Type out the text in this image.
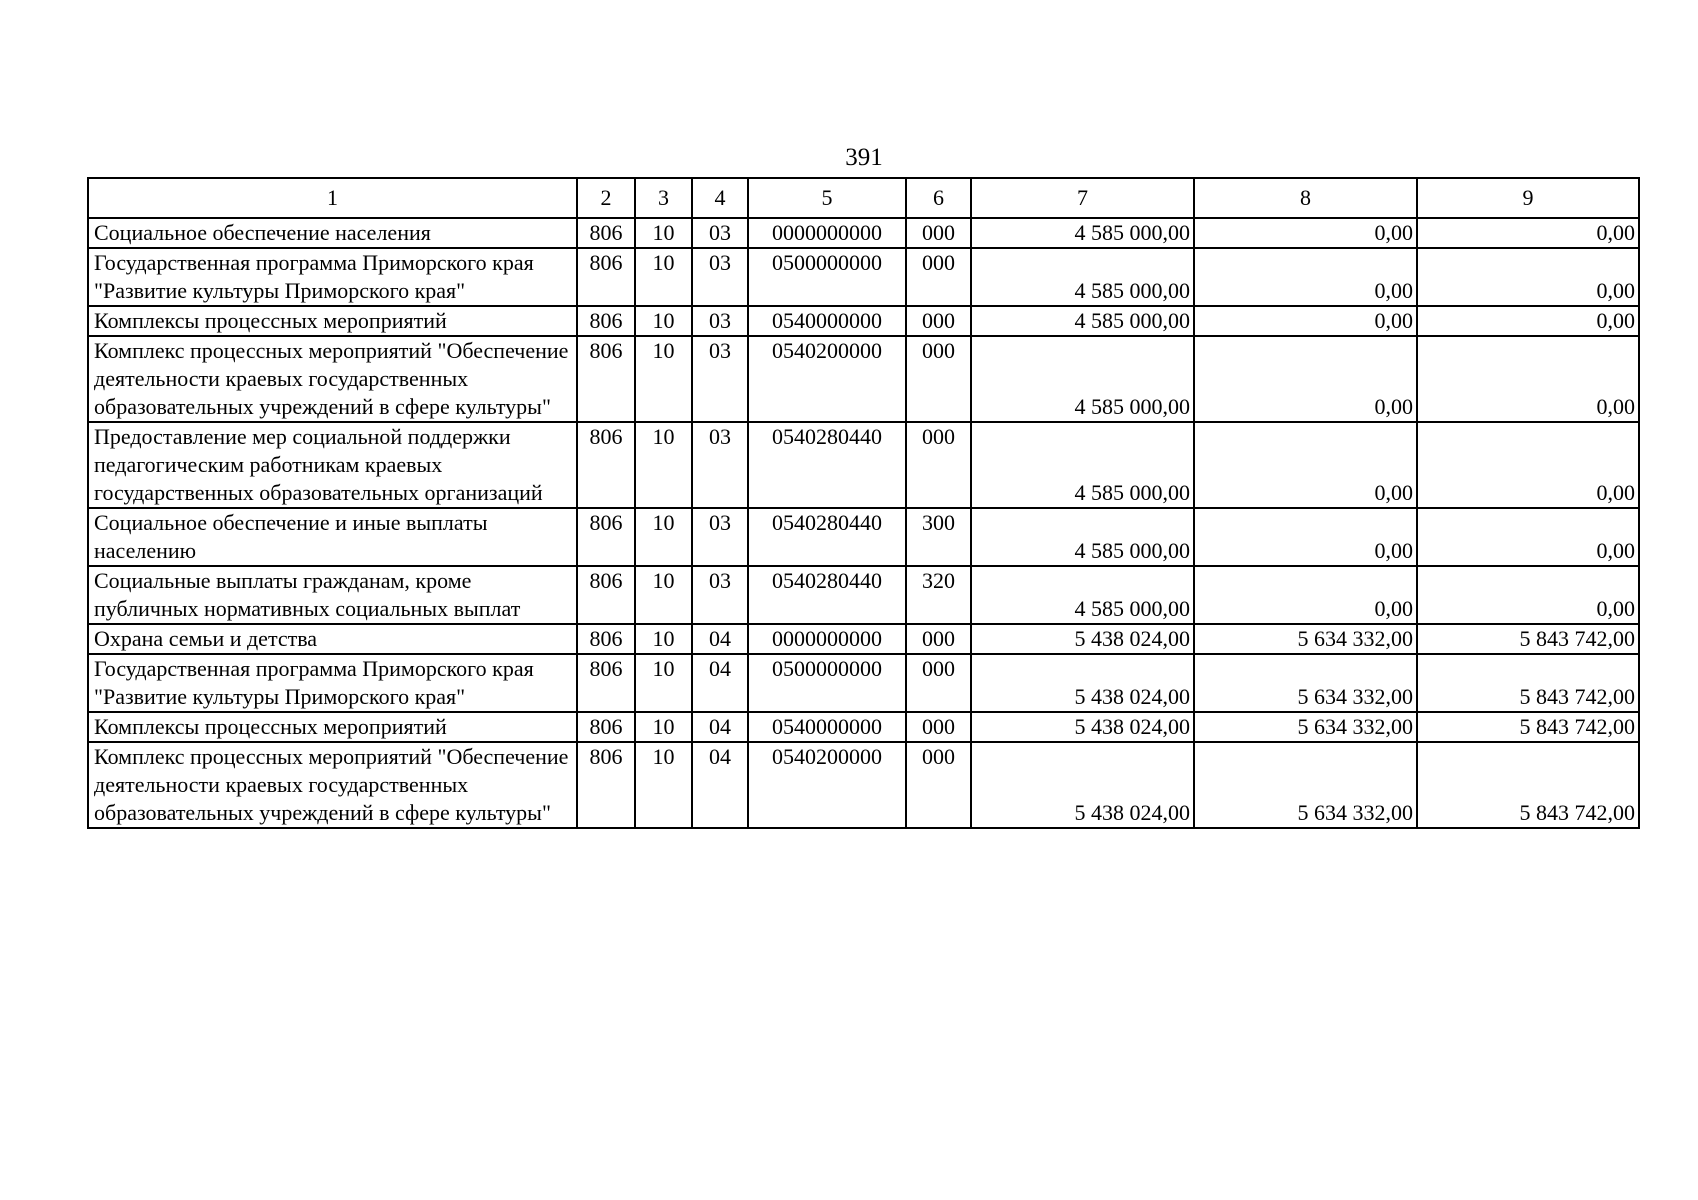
391
1	2	3	4	5	6	7	8	9
Социальное обеспечение населения	806	10	03	0000000000	000	4 585 000,00	0,00	0,00
Государственная программа Приморского края "Развитие культуры Приморского края"	806	10	03	0500000000	000	4 585 000,00	0,00	0,00
Комплексы процессных мероприятий	806	10	03	0540000000	000	4 585 000,00	0,00	0,00
Комплекс процессных мероприятий "Обеспечение деятельности краевых государственных образовательных учреждений в сфере культуры"	806	10	03	0540200000	000	4 585 000,00	0,00	0,00
Предоставление мер социальной поддержки педагогическим работникам краевых государственных образовательных организаций	806	10	03	0540280440	000	4 585 000,00	0,00	0,00
Социальное обеспечение и иные выплаты населению	806	10	03	0540280440	300	4 585 000,00	0,00	0,00
Социальные выплаты гражданам, кроме публичных нормативных социальных выплат	806	10	03	0540280440	320	4 585 000,00	0,00	0,00
Охрана семьи и детства	806	10	04	0000000000	000	5 438 024,00	5 634 332,00	5 843 742,00
Государственная программа Приморского края "Развитие культуры Приморского края"	806	10	04	0500000000	000	5 438 024,00	5 634 332,00	5 843 742,00
Комплексы процессных мероприятий	806	10	04	0540000000	000	5 438 024,00	5 634 332,00	5 843 742,00
Комплекс процессных мероприятий "Обеспечение деятельности краевых государственных образовательных учреждений в сфере культуры"	806	10	04	0540200000	000	5 438 024,00	5 634 332,00	5 843 742,00
